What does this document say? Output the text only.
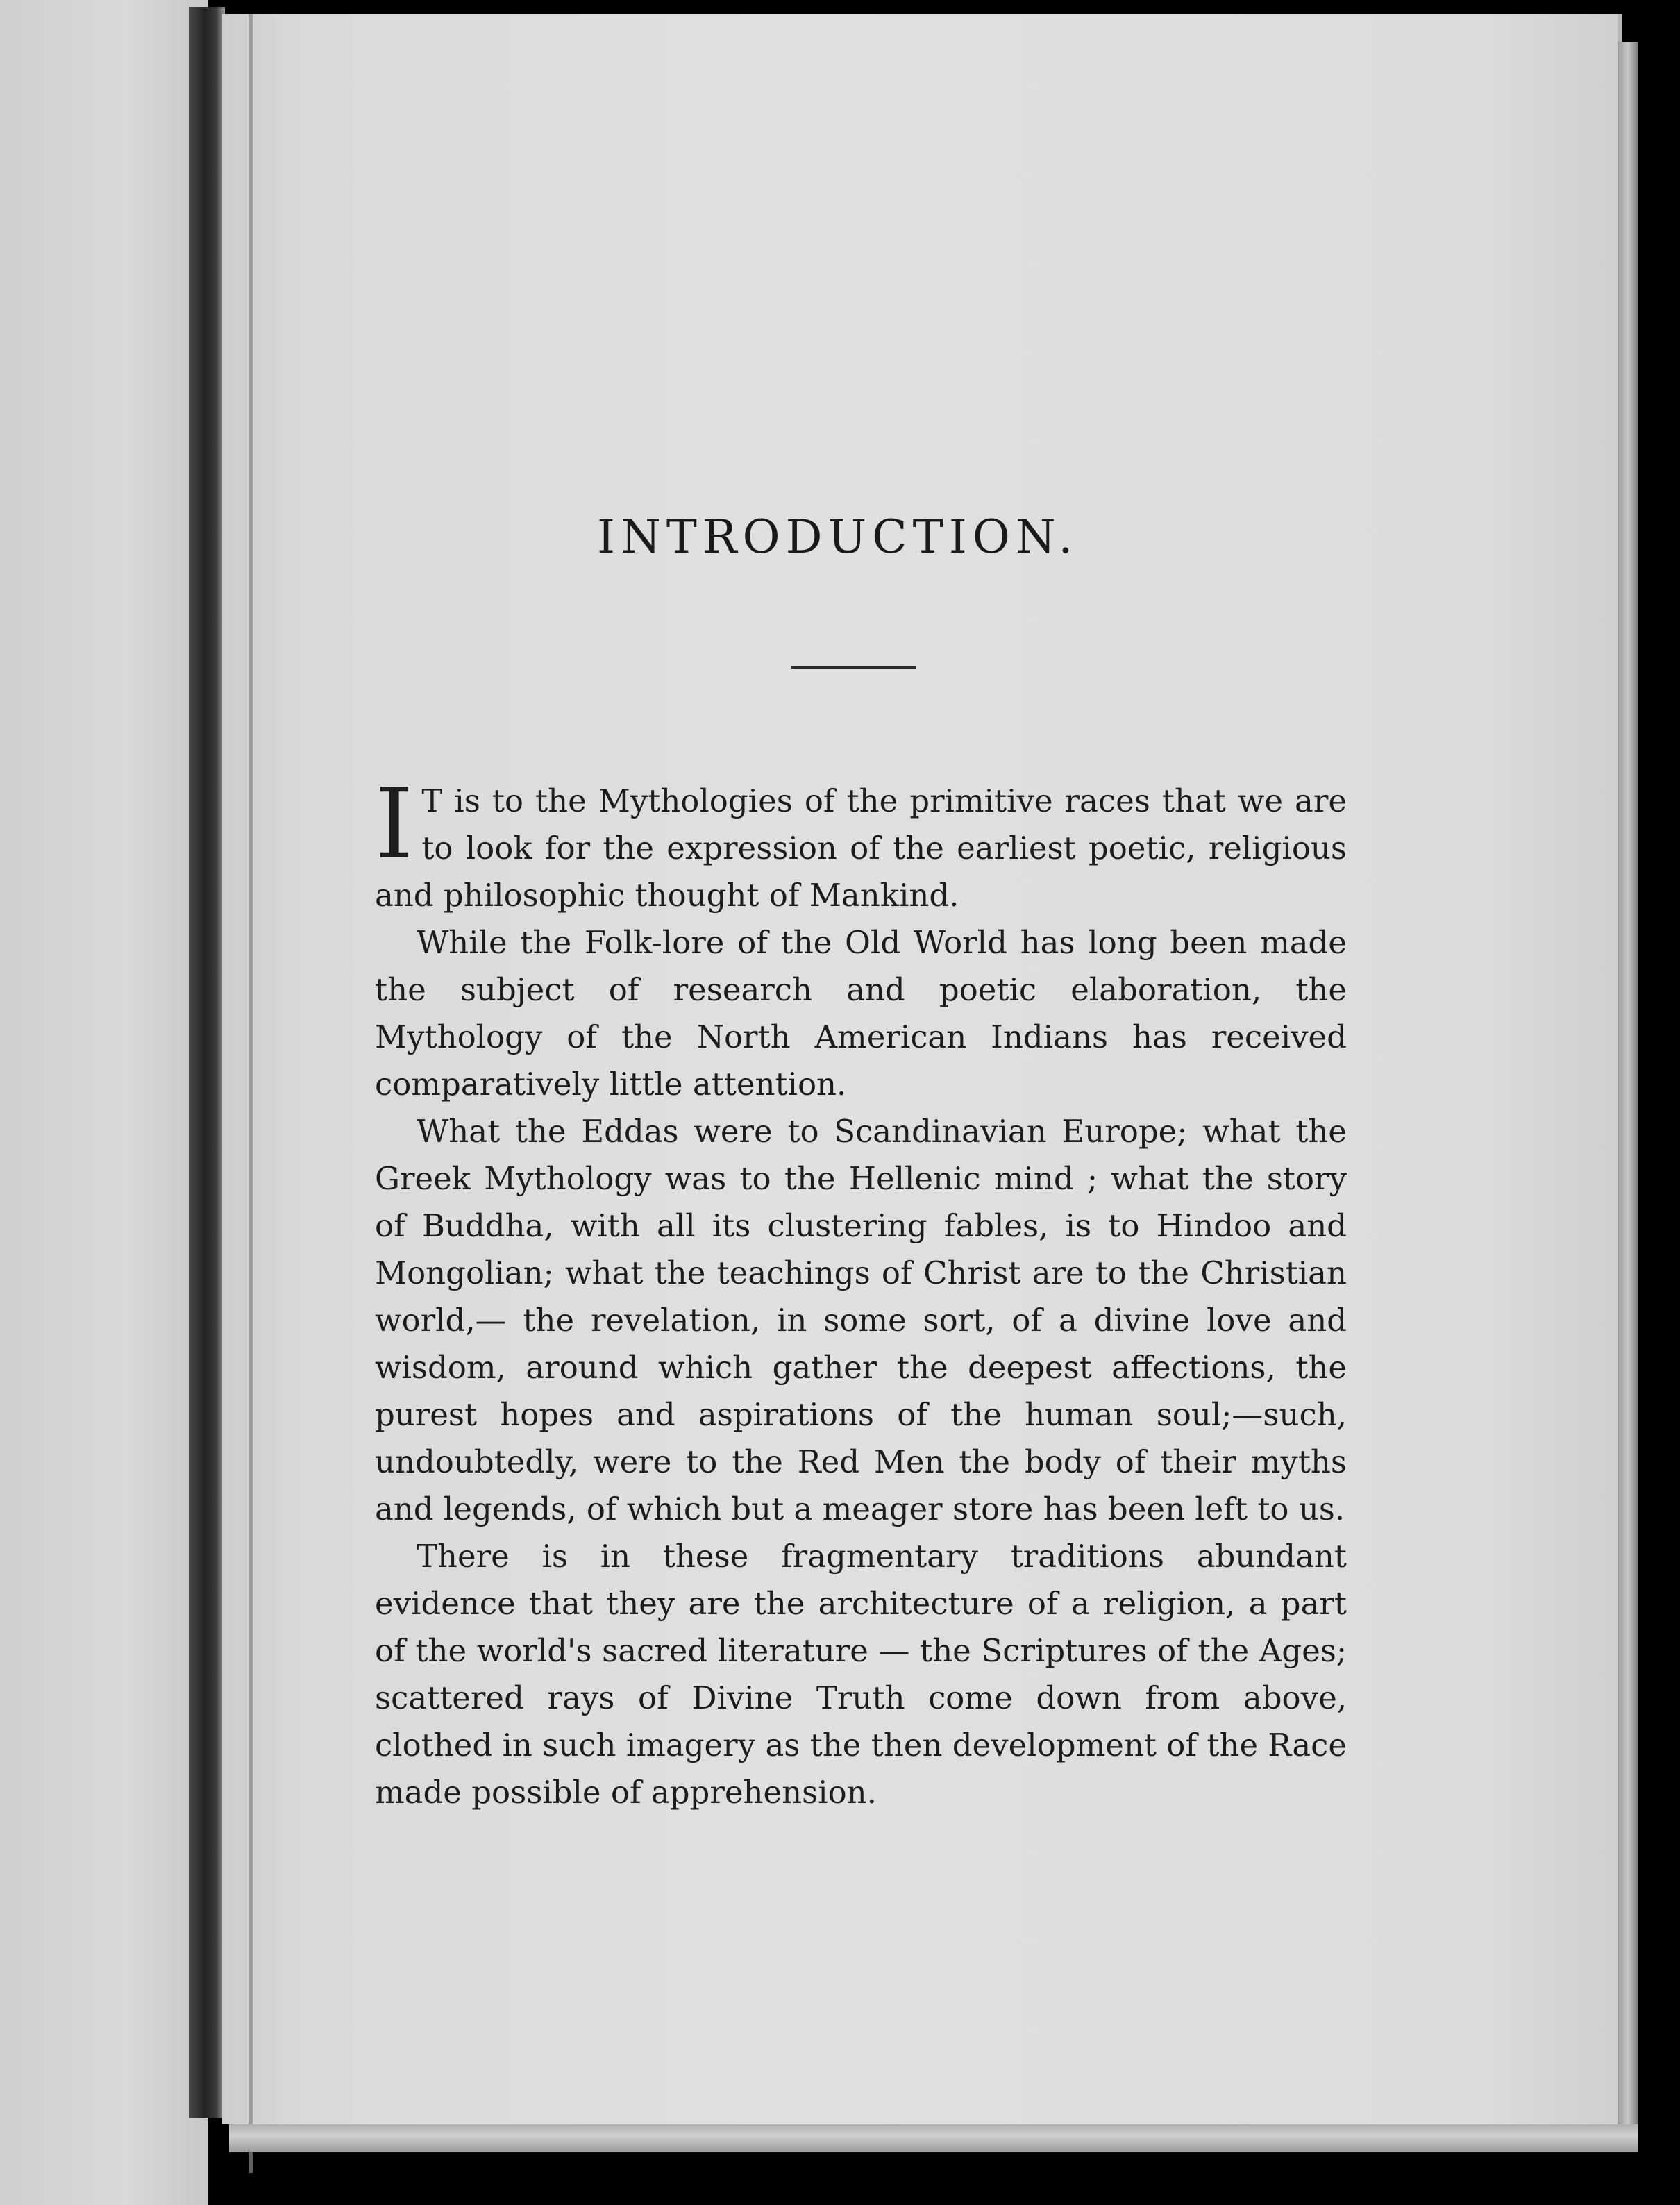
INTRODUCTION.

I T is to the Mythologies of the primitive races that we are to look for the expression of the earliest poetic, religious and philosophic thought of Mankind.

While the Folk-lore of the Old World has long been made the subject of research and poetic elaboration, the Mythology of the North American Indians has received comparatively little attention.

What the Eddas were to Scandinavian Europe; what the Greek Mythology was to the Hellenic mind ; what the story of Buddha, with all its clustering fables, is to Hindoo and Mongolian; what the teachings of Christ are to the Christian world,— the revelation, in some sort, of a divine love and wisdom, around which gather the deepest affections, the purest hopes and aspirations of the human soul;—such, undoubtedly, were to the Red Men the body of their myths and legends, of which but a meager store has been left to us.

There is in these fragmentary traditions abundant evidence that they are the architecture of a religion, a part of the world's sacred literature — the Scriptures of the Ages; scattered rays of Divine Truth come down from above, clothed in such imagery as the then development of the Race made possible of apprehension.
